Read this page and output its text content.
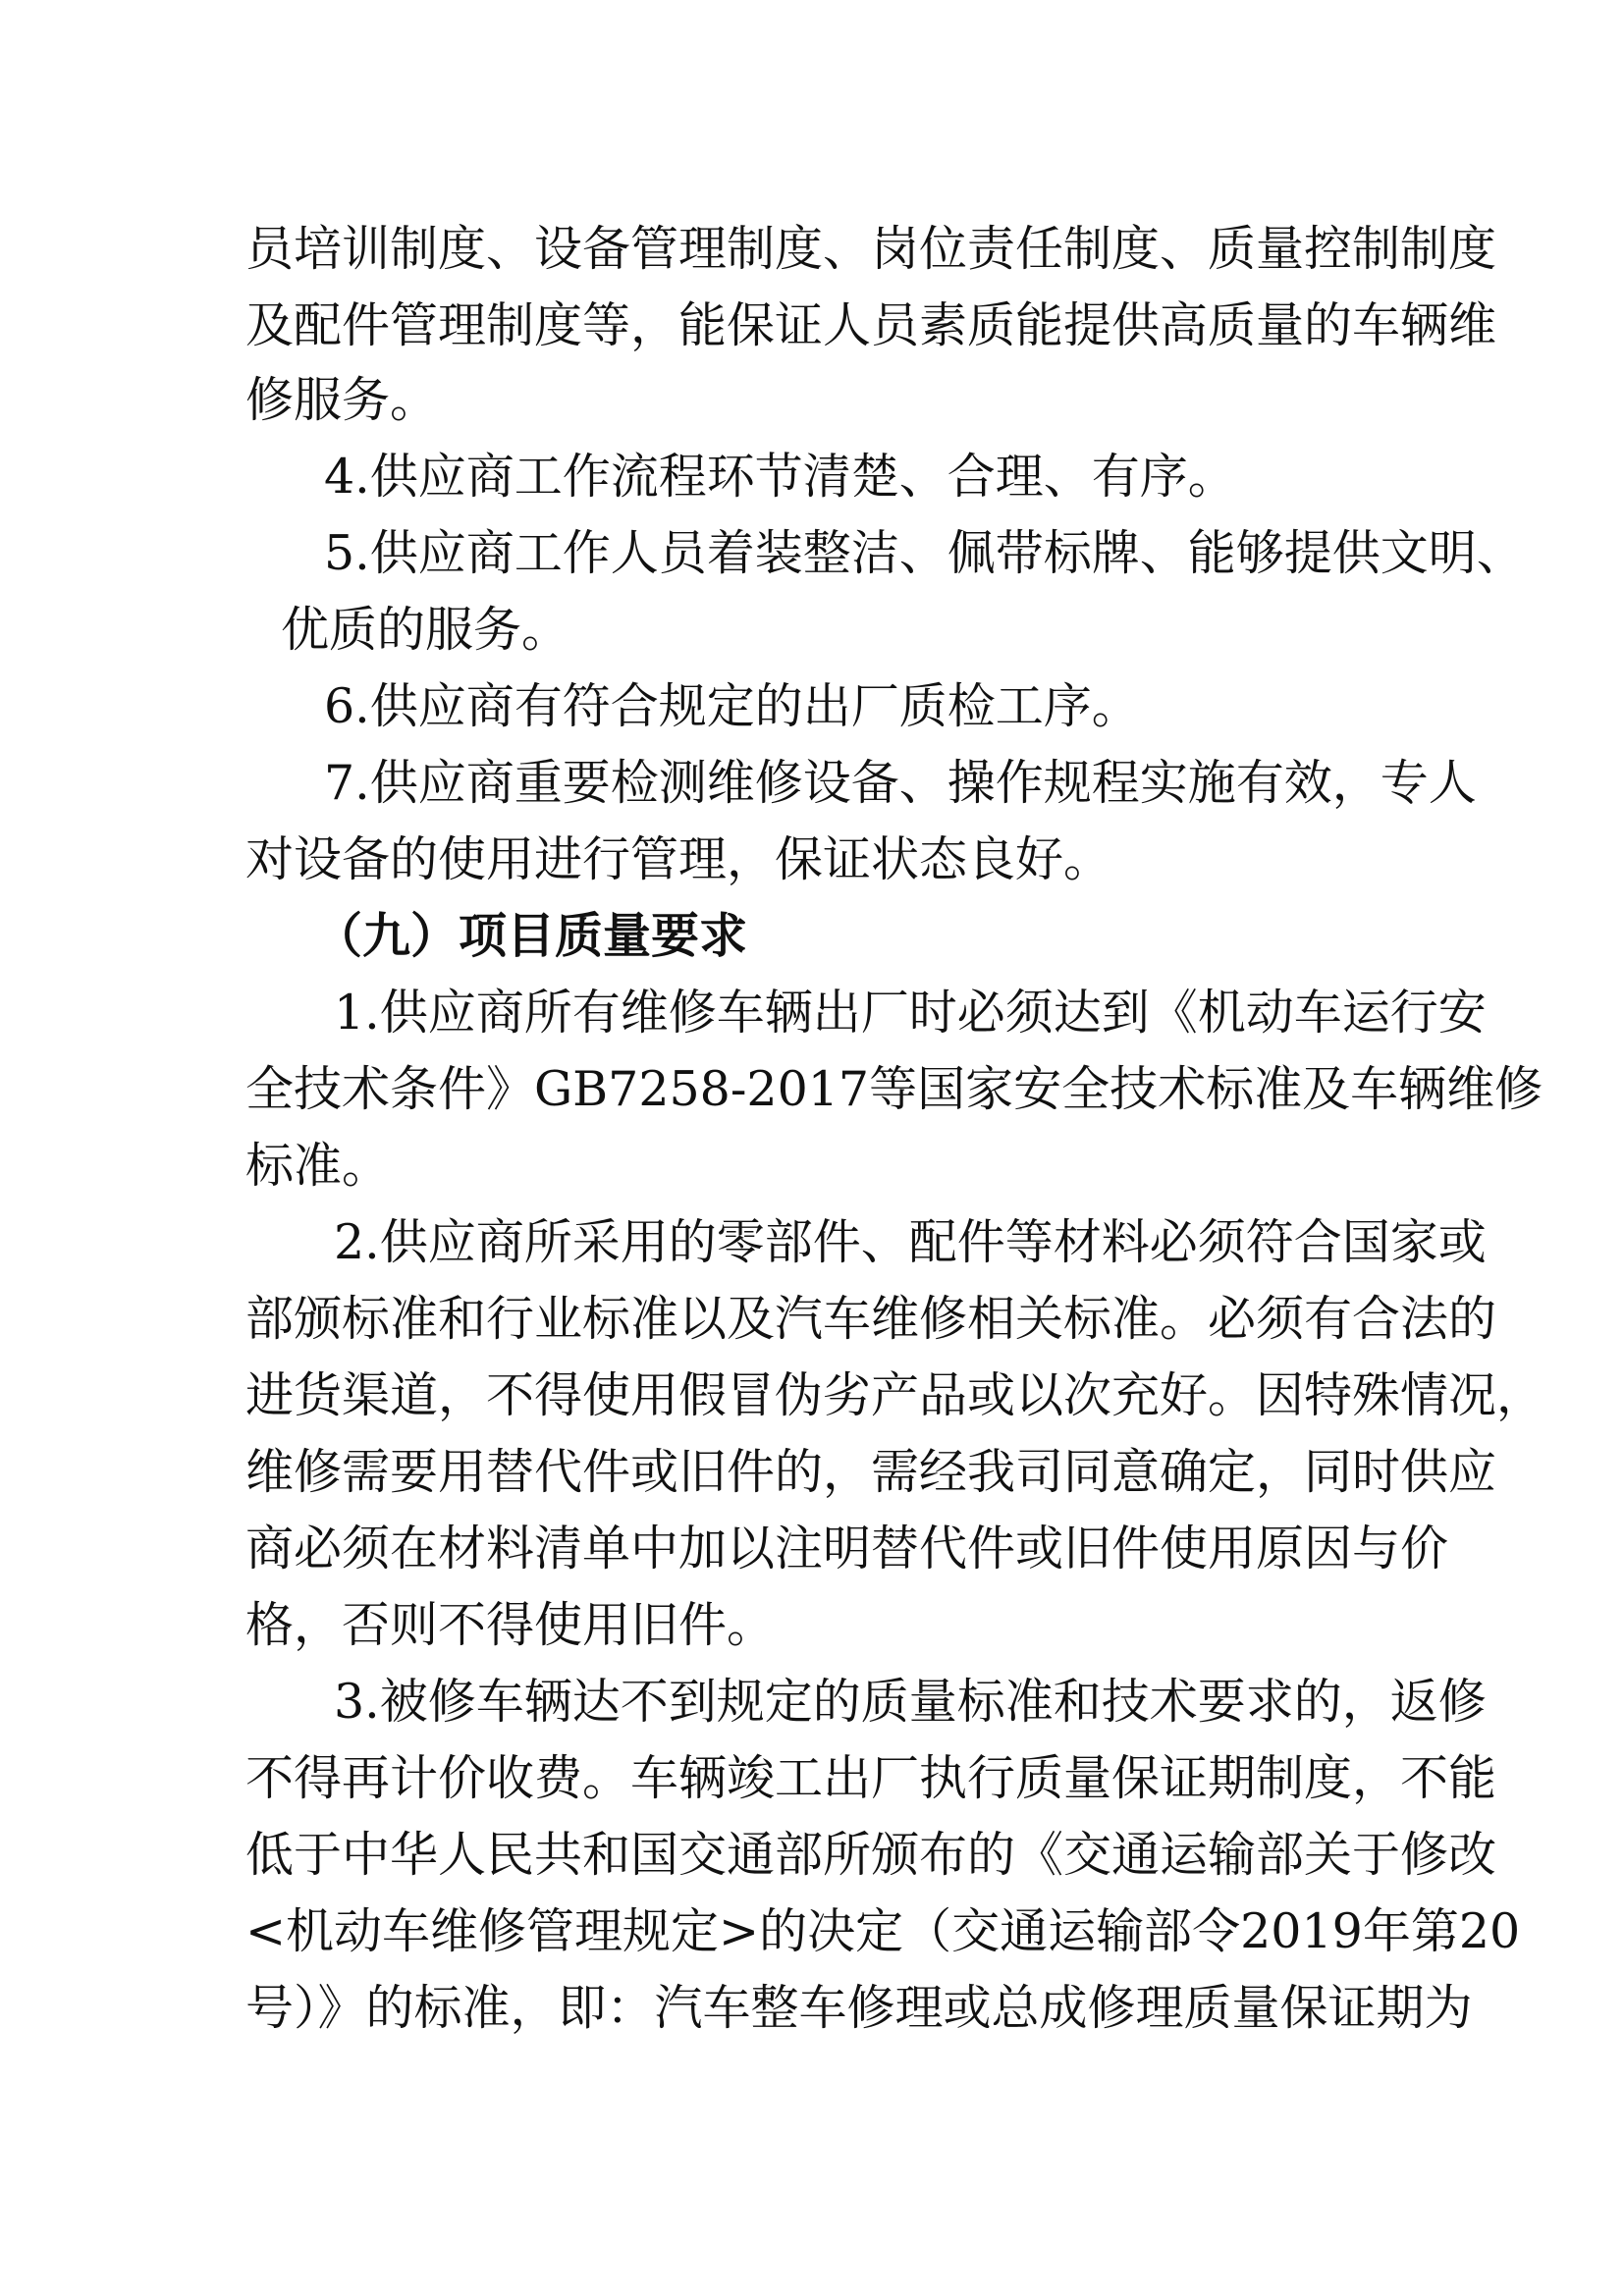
员培训制度、设备管理制度、岗位责任制度、质量控制制度
及配件管理制度等，能保证人员素质能提供高质量的车辆维
修服务。
4.供应商工作流程环节清楚、合理、有序。
5.供应商工作人员着装整洁、佩带标牌、能够提供文明、
优质的服务。
6.供应商有符合规定的出厂质检工序。
7.供应商重要检测维修设备、操作规程实施有效，专人
对设备的使用进行管理，保证状态良好。
（九）项目质量要求
1.供应商所有维修车辆出厂时必须达到《机动车运行安
全技术条件》GB7258-2017等国家安全技术标准及车辆维修
标准。
2.供应商所采用的零部件、配件等材料必须符合国家或
部颁标准和行业标准以及汽车维修相关标准。必须有合法的
进货渠道，不得使用假冒伪劣产品或以次充好。因特殊情况，
维修需要用替代件或旧件的，需经我司同意确定，同时供应
商必须在材料清单中加以注明替代件或旧件使用原因与价
格，否则不得使用旧件。
3.被修车辆达不到规定的质量标准和技术要求的，返修
不得再计价收费。车辆竣工出厂执行质量保证期制度，不能
低于中华人民共和国交通部所颁布的《交通运输部关于修改
<机动车维修管理规定>的决定（交通运输部令2019年第20
号）》的标准，即：汽车整车修理或总成修理质量保证期为
